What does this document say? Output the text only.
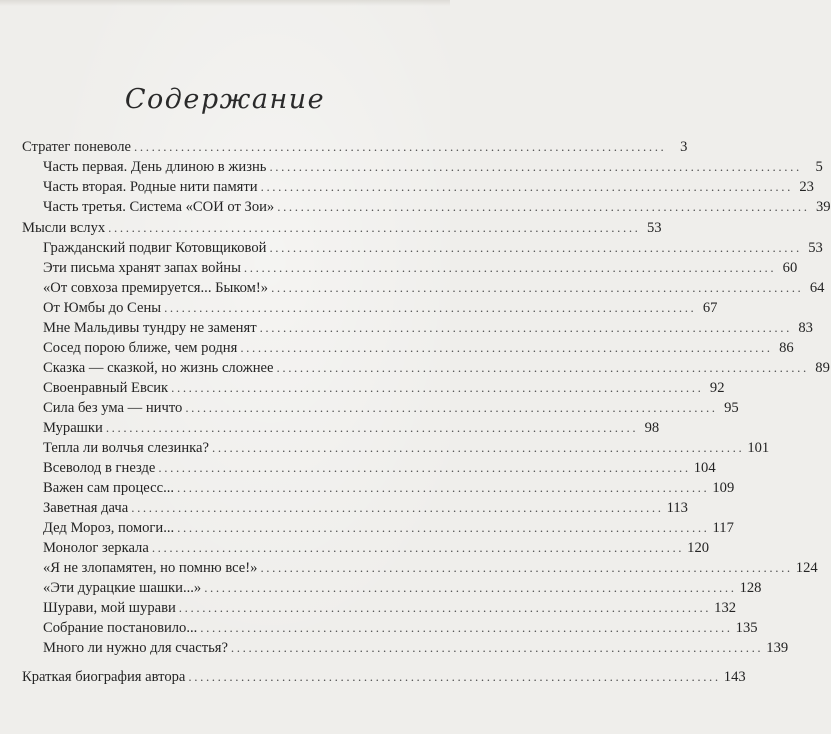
Содержание
Стратег поневоле ........................................................................................... 3
Часть первая. День длиною в жизнь ........................................................................................... 5
Часть вторая. Родные нити памяти ........................................................................................... 23
Часть третья. Система «СОИ от Зои» ........................................................................................... 39
Мысли вслух ........................................................................................... 53
Гражданский подвиг Котовщиковой ........................................................................................... 53
Эти письма хранят запах войны ........................................................................................... 60
«От совхоза премируется... Быком!» ........................................................................................... 64
От Юмбы до Сены ........................................................................................... 67
Мне Мальдивы тундру не заменят ........................................................................................... 83
Сосед порою ближе, чем родня ........................................................................................... 86
Сказка — сказкой, но жизнь сложнее ........................................................................................... 89
Своенравный Евсик ........................................................................................... 92
Сила без ума — ничто ........................................................................................... 95
Мурашки ........................................................................................... 98
Тепла ли волчья слезинка? ........................................................................................... 101
Всеволод в гнезде ........................................................................................... 104
Важен сам процесс... ........................................................................................... 109
Заветная дача ........................................................................................... 113
Дед Мороз, помоги... ........................................................................................... 117
Монолог зеркала ........................................................................................... 120
«Я не злопамятен, но помню все!» ........................................................................................... 124
«Эти дурацкие шашки...» ........................................................................................... 128
Шурави, мой шурави ........................................................................................... 132
Собрание постановило... ........................................................................................... 135
Много ли нужно для счастья? ........................................................................................... 139
Краткая биография автора ........................................................................................... 143
